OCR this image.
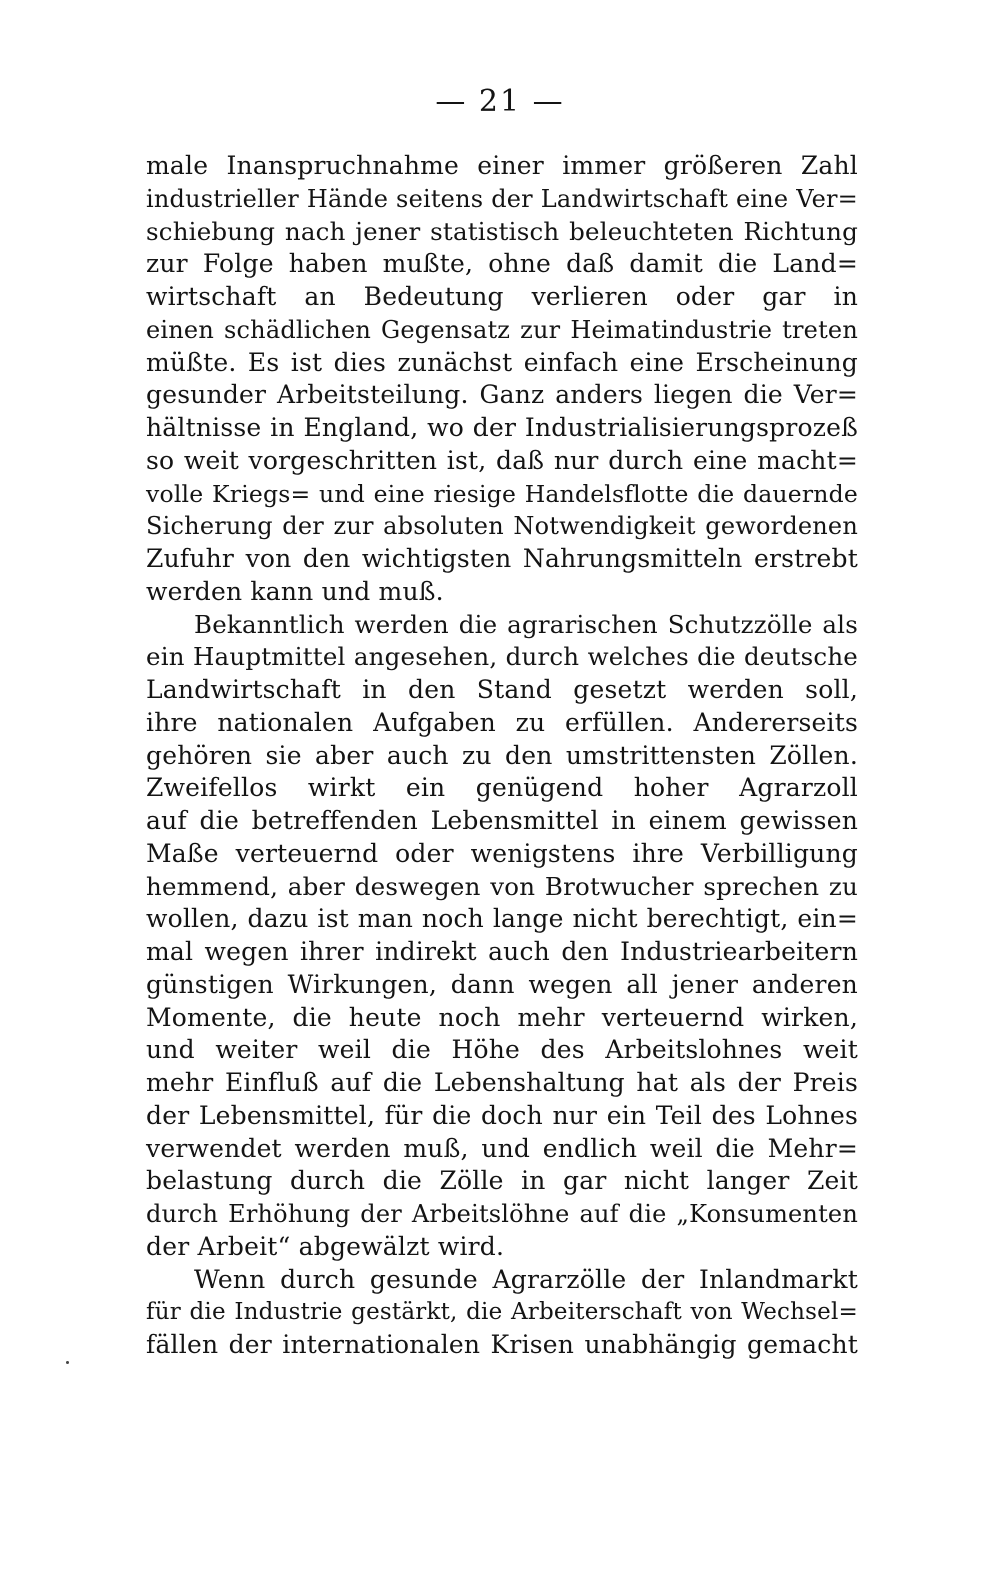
— 21 —
male Inanspruchnahme einer immer größeren Zahl
industrieller Hände seitens der Landwirtschaft eine Ver=
schiebung nach jener statistisch beleuchteten Richtung
zur Folge haben mußte, ohne daß damit die Land=
wirtschaft an Bedeutung verlieren oder gar in
einen schädlichen Gegensatz zur Heimatindustrie treten
müßte. Es ist dies zunächst einfach eine Erscheinung
gesunder Arbeitsteilung. Ganz anders liegen die Ver=
hältnisse in England, wo der Industrialisierungsprozeß
so weit vorgeschritten ist, daß nur durch eine macht=
volle Kriegs= und eine riesige Handelsflotte die dauernde
Sicherung der zur absoluten Notwendigkeit gewordenen
Zufuhr von den wichtigsten Nahrungsmitteln erstrebt
werden kann und muß.
Bekanntlich werden die agrarischen Schutzzölle als
ein Hauptmittel angesehen, durch welches die deutsche
Landwirtschaft in den Stand gesetzt werden soll,
ihre nationalen Aufgaben zu erfüllen. Andererseits
gehören sie aber auch zu den umstrittensten Zöllen.
Zweifellos wirkt ein genügend hoher Agrarzoll
auf die betreffenden Lebensmittel in einem gewissen
Maße verteuernd oder wenigstens ihre Verbilligung
hemmend, aber deswegen von Brotwucher sprechen zu
wollen, dazu ist man noch lange nicht berechtigt, ein=
mal wegen ihrer indirekt auch den Industriearbeitern
günstigen Wirkungen, dann wegen all jener anderen
Momente, die heute noch mehr verteuernd wirken,
und weiter weil die Höhe des Arbeitslohnes weit
mehr Einfluß auf die Lebenshaltung hat als der Preis
der Lebensmittel, für die doch nur ein Teil des Lohnes
verwendet werden muß, und endlich weil die Mehr=
belastung durch die Zölle in gar nicht langer Zeit
durch Erhöhung der Arbeitslöhne auf die „Konsumenten
der Arbeit“ abgewälzt wird.
Wenn durch gesunde Agrarzölle der Inlandmarkt
für die Industrie gestärkt, die Arbeiterschaft von Wechsel=
fällen der internationalen Krisen unabhängig gemacht
